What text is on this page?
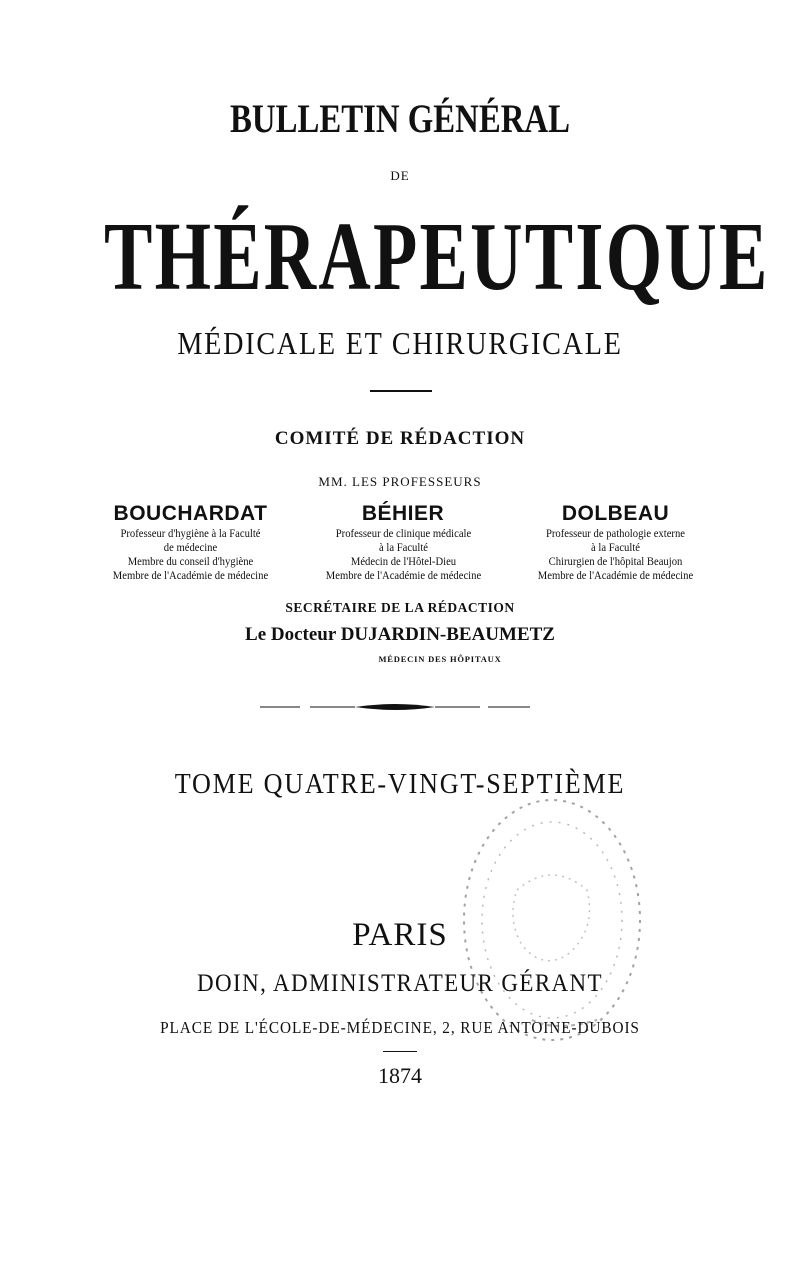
BULLETIN GÉNÉRAL
DE
THÉRAPEUTIQUE
MÉDICALE ET CHIRURGICALE
COMITÉ DE RÉDACTION
MM. LES PROFESSEURS
BOUCHARDAT
Professeur d'hygiène à la Faculté
de médecine
Membre du conseil d'hygiène
Membre de l'Académie de médecine
BÉHIER
Professeur de clinique médicale
à la Faculté
Médecin de l'Hôtel-Dieu
Membre de l'Académie de médecine
DOLBEAU
Professeur de pathologie externe
à la Faculté
Chirurgien de l'hôpital Beaujon
Membre de l'Académie de médecine
SECRÉTAIRE DE LA RÉDACTION
Le Docteur DUJARDIN-BEAUMETZ
MÉDECIN DES HÔPITAUX
TOME QUATRE-VINGT-SEPTIÈME
PARIS
DOIN, ADMINISTRATEUR GÉRANT
PLACE DE L'ÉCOLE-DE-MÉDECINE, 2, RUE ANTOINE-DUBOIS
1874
